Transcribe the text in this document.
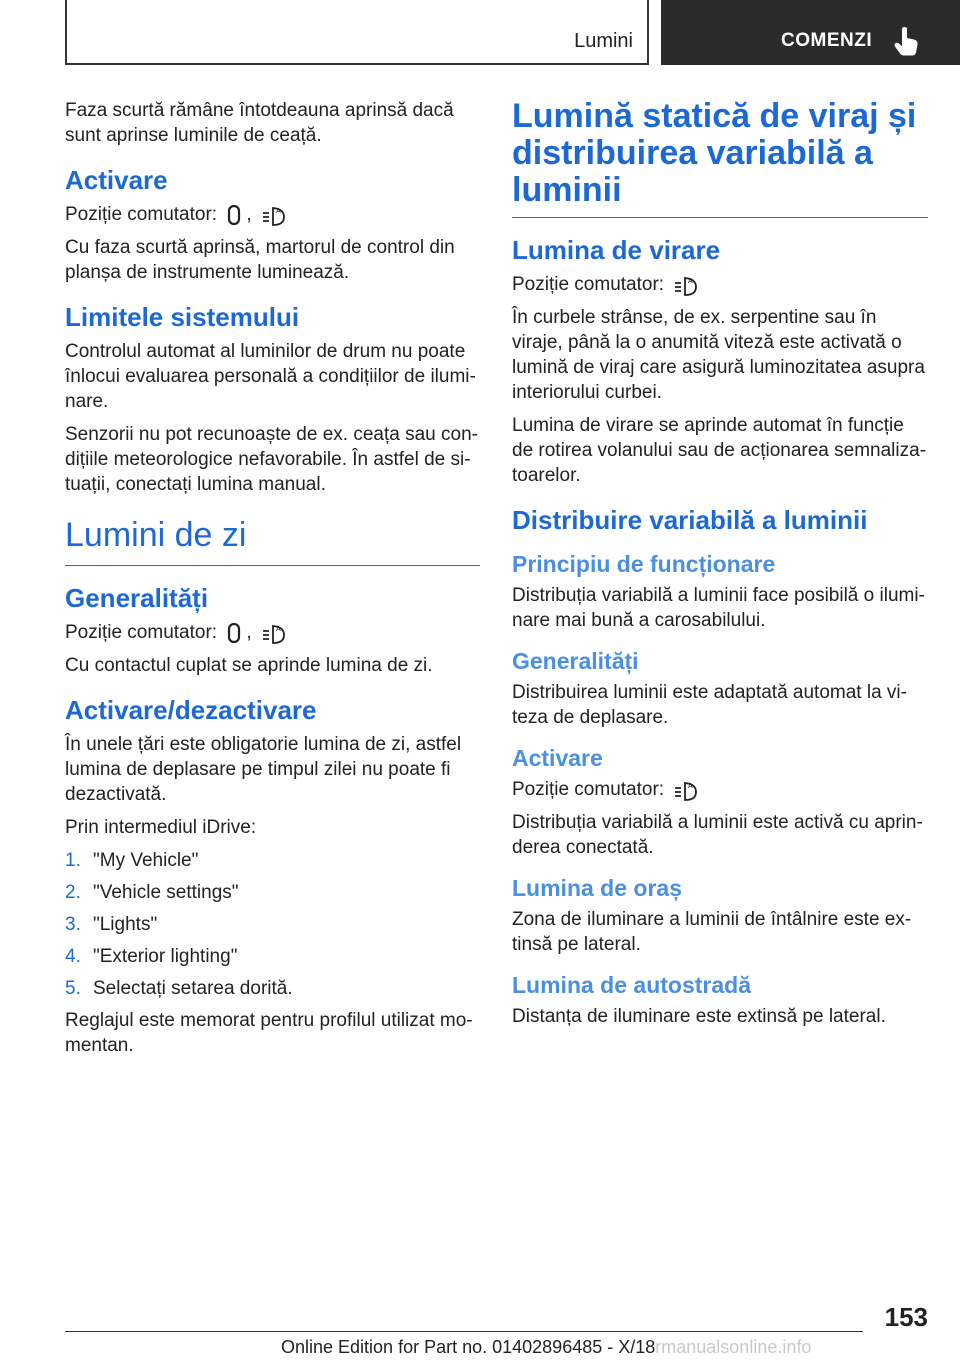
Lumini	COMENZI

Faza scurtă rămâne întotdeauna aprinsă dacă sunt aprinse luminile de ceață.

Activare

Poziție comutator: ,	A

Cu faza scurtă aprinsă, martorul de control din planșa de instrumente luminează.

Limitele sistemului

Controlul automat al luminilor de drum nu poate înlocui evaluarea personală a condițiilor de ilumi‐nare.

Senzorii nu pot recunoaște de ex. ceața sau con‐dițiile meteorologice nefavorabile. În astfel de si‐tuații, conectați lumina manual.

Lumini de zi
Generalități

Poziție comutator: ,	A

Cu contactul cuplat se aprinde lumina de zi.

Activare/dezactivare

În unele țări este obligatorie lumina de zi, astfel lumina de deplasare pe timpul zilei nu poate fi dezactivată.

Prin intermediul iDrive:

1. "My Vehicle"
2. "Vehicle settings"
3. "Lights"
4. "Exterior lighting"
5. Selectați setarea dorită.

Reglajul este memorat pentru profilul utilizat mo‐mentan.

Lumină statică de viraj și distribuirea variabilă a luminii
Lumina de virare

Poziție comutator:	A

În curbele strânse, de ex. serpentine sau în viraje, până la o anumită viteză este activată o lumină de viraj care asigură luminozitatea asupra interiorului curbei.

Lumina de virare se aprinde automat în funcție de rotirea volanului sau de acționarea semnaliza‐toarelor.

Distribuire variabilă a luminii
Principiu de funcționare

Distribuția variabilă a luminii face posibilă o ilumi‐nare mai bună a carosabilului.

Generalități

Distribuirea luminii este adaptată automat la vi‐teza de deplasare.

Activare

Poziție comutator:	A

Distribuția variabilă a luminii este activă cu aprin‐derea conectată.

Lumina de oraș

Zona de iluminare a luminii de întâlnire este ex‐tinsă pe lateral.

Lumina de autostradă

Distanța de iluminare este extinsă pe lateral.

153
Online Edition for Part no. 01402896485 - X/18rmanualsonline.info
